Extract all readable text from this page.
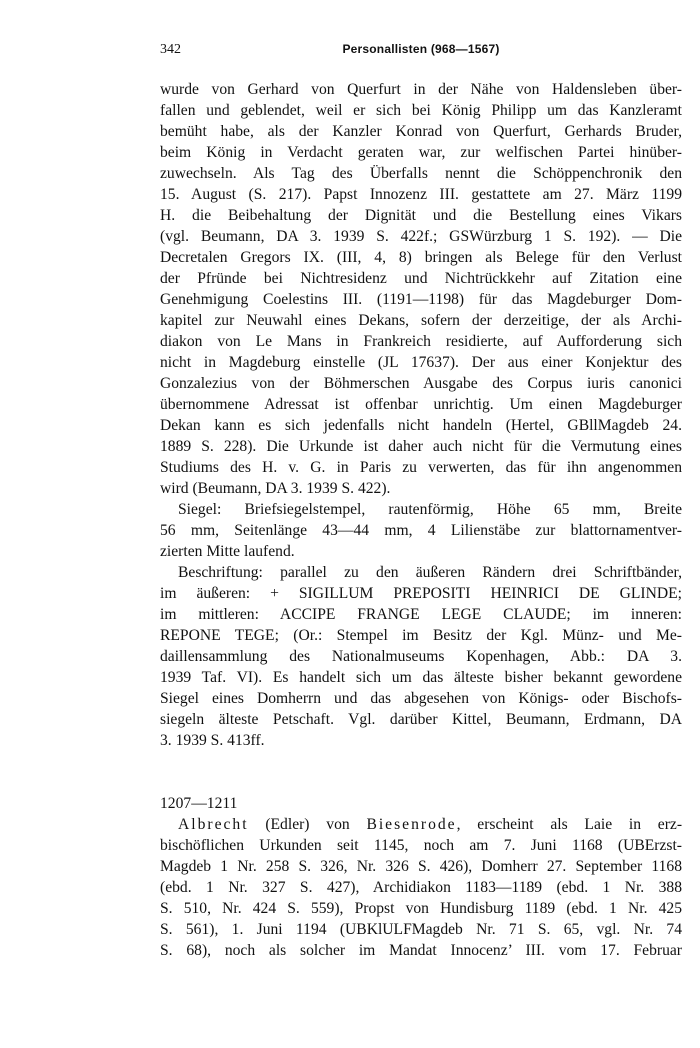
342	Personallisten (968—1567)
wurde von Gerhard von Querfurt in der Nähe von Haldensleben über-
fallen und geblendet, weil er sich bei König Philipp um das Kanzleramt
bemüht habe, als der Kanzler Konrad von Querfurt, Gerhards Bruder,
beim König in Verdacht geraten war, zur welfischen Partei hinüber-
zuwechseln. Als Tag des Überfalls nennt die Schöppenchronik den
15. August (S. 217). Papst Innozenz III. gestattete am 27. März 1199
H. die Beibehaltung der Dignität und die Bestellung eines Vikars
(vgl. Beumann, DA 3. 1939 S. 422f.; GSWürzburg 1 S. 192). — Die
Decretalen Gregors IX. (III, 4, 8) bringen als Belege für den Verlust
der Pfründe bei Nichtresidenz und Nichtrückkehr auf Zitation eine
Genehmigung Coelestins III. (1191—1198) für das Magdeburger Dom-
kapitel zur Neuwahl eines Dekans, sofern der derzeitige, der als Archi-
diakon von Le Mans in Frankreich residierte, auf Aufforderung sich
nicht in Magdeburg einstelle (JL 17637). Der aus einer Konjektur des
Gonzalezius von der Böhmerschen Ausgabe des Corpus iuris canonici
übernommene Adressat ist offenbar unrichtig. Um einen Magdeburger
Dekan kann es sich jedenfalls nicht handeln (Hertel, GBllMagdeb 24.
1889 S. 228). Die Urkunde ist daher auch nicht für die Vermutung eines
Studiums des H. v. G. in Paris zu verwerten, das für ihn angenommen
wird (Beumann, DA 3. 1939 S. 422).
Siegel: Briefsiegelstempel, rautenförmig, Höhe 65 mm, Breite
56 mm, Seitenlänge 43—44 mm, 4 Lilienstäbe zur blattornamentver-
zierten Mitte laufend.
Beschriftung: parallel zu den äußeren Rändern drei Schriftbänder,
im äußeren: + SIGILLUM PREPOSITI HEINRICI DE GLINDE;
im mittleren: ACCIPE FRANGE LEGE CLAUDE; im inneren:
REPONE TEGE; (Or.: Stempel im Besitz der Kgl. Münz- und Me-
daillensammlung des Nationalmuseums Kopenhagen, Abb.: DA 3.
1939 Taf. VI). Es handelt sich um das älteste bisher bekannt gewordene
Siegel eines Domherrn und das abgesehen von Königs- oder Bischofs-
siegeln älteste Petschaft. Vgl. darüber Kittel, Beumann, Erdmann, DA
3. 1939 S. 413ff.
1207—1211
Albrecht (Edler) von Biesenrode, erscheint als Laie in erz-
bischöflichen Urkunden seit 1145, noch am 7. Juni 1168 (UBErzst-
Magdeb 1 Nr. 258 S. 326, Nr. 326 S. 426), Domherr 27. September 1168
(ebd. 1 Nr. 327 S. 427), Archidiakon 1183—1189 (ebd. 1 Nr. 388
S. 510, Nr. 424 S. 559), Propst von Hundisburg 1189 (ebd. 1 Nr. 425
S. 561), 1. Juni 1194 (UBKlULFMagdeb Nr. 71 S. 65, vgl. Nr. 74
S. 68), noch als solcher im Mandat Innocenz’ III. vom 17. Februar
